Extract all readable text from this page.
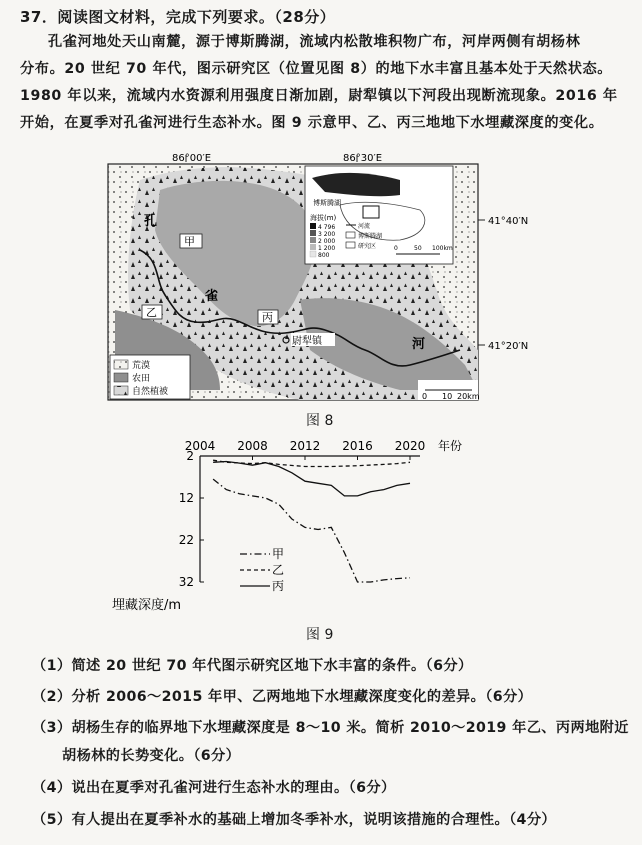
37．阅读图文材料，完成下列要求。（28分）
孔雀河地处天山南麓，源于博斯腾湖，流域内松散堆积物广布，河岸两侧有胡杨林
分布。20 世纪 70 年代，图示研究区（位置见图 8）的地下水丰富且基本处于天然状态。
1980 年以来，流域内水资源利用强度日渐加剧，尉犁镇以下河段出现断流现象。2016 年
开始，在夏季对孔雀河进行生态补水。图 9 示意甲、乙、丙三地地下水埋藏深度的变化。
86°00′E	86°30′E
孔
雀
河
甲
乙	丙
尉犁镇
41°40′N
41°20′N
博斯腾湖
海拔(m)
4 796
3 200
2 000
1 200
800
河流
博斯腾湖
研究区	0	50 100km
荒漠
农田
自然植被	0 10 20km
图 8
2004 2008 2012 2016 2020 年份
2
12
22
32
埋藏深度/m
甲
乙
丙
图 9
（1）简述 20 世纪 70 年代图示研究区地下水丰富的条件。（6分）
（2）分析 2006～2015 年甲、乙两地地下水埋藏深度变化的差异。（6分）
（3）胡杨生存的临界地下水埋藏深度是 8～10 米。简析 2010～2019 年乙、丙两地附近
胡杨林的长势变化。（6分）
（4）说出在夏季对孔雀河进行生态补水的理由。（6分）
（5）有人提出在夏季补水的基础上增加冬季补水，说明该措施的合理性。（4分）
